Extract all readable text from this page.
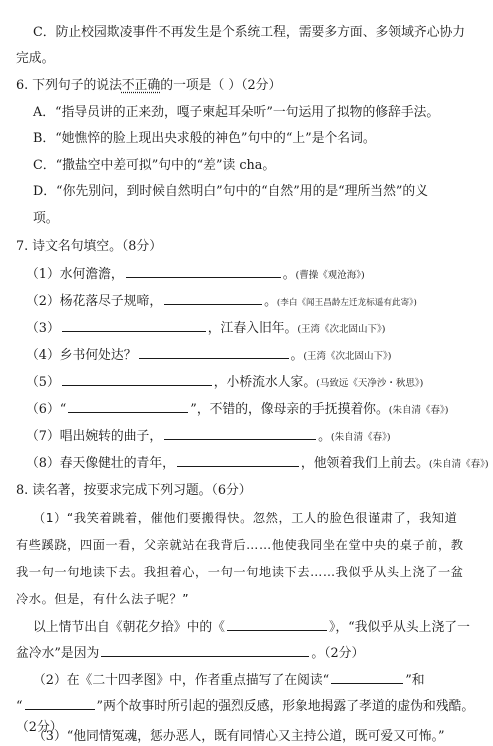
C．防止校园欺凌事件不再发生是个系统工程，需要多方面、多领域齐心协力
完成。
6. 下列句子的说法不正确的一项是（ ）（2分）
A．“指导员讲的正来劲，嘎子柬起耳朵听”一句运用了拟物的修辞手法。
B．“她憔悴的脸上现出央求般的神色”句中的“上”是个名词。
C．“撒盐空中差可拟”句中的“差”读 cha。
D．“你先别问，到时候自然明白”句中的“自然”用的是“理所当然”的义
项。
7. 诗文名句填空。（8分）
（1）水何澹澹，	。(曹操《观沧海》)
（2）杨花落尽子规啼，	。(李白《闻王昌龄左迁龙标遥有此寄》)
（3）	，江春入旧年。(王湾《次北固山下》)
（4）乡书何处达？	。(王湾《次北固山下》)
（5）	，小桥流水人家。(马致远《天净沙・秋思》)
（6）“	”，不错的，像母亲的手抚摸着你。(朱自清《春》)
（7）唱出婉转的曲子，	。(朱自清《春》)
（8）春天像健壮的青年，	，他领着我们上前去。(朱自清《春》)
8. 读名著，按要求完成下列习题。（6分）
（1）“我笑着跳着，催他们要搬得快。忽然，工人的脸色很谨肃了，我知道
有些蹊跷，四面一看，父亲就站在我背后……他使我同坐在堂中央的桌子前，教
我一句一句地读下去。我担着心，一句一句地读下去……我似乎从头上浇了一盆
冷水。但是，有什么法子呢？”
以上情节出自《朝花夕拾》中的《	》，“我似乎从头上浇了一
盆冷水”是因为	。（2分）
（2）在《二十四孝图》中，作者重点描写了在阅读“	”和
“	”两个故事时所引起的强烈反感，形象地揭露了孝道的虚伪和残酷。
（2分）
（3）“他同情冤魂，惩办恶人，既有同情心又主持公道，既可爱又可怖。”
